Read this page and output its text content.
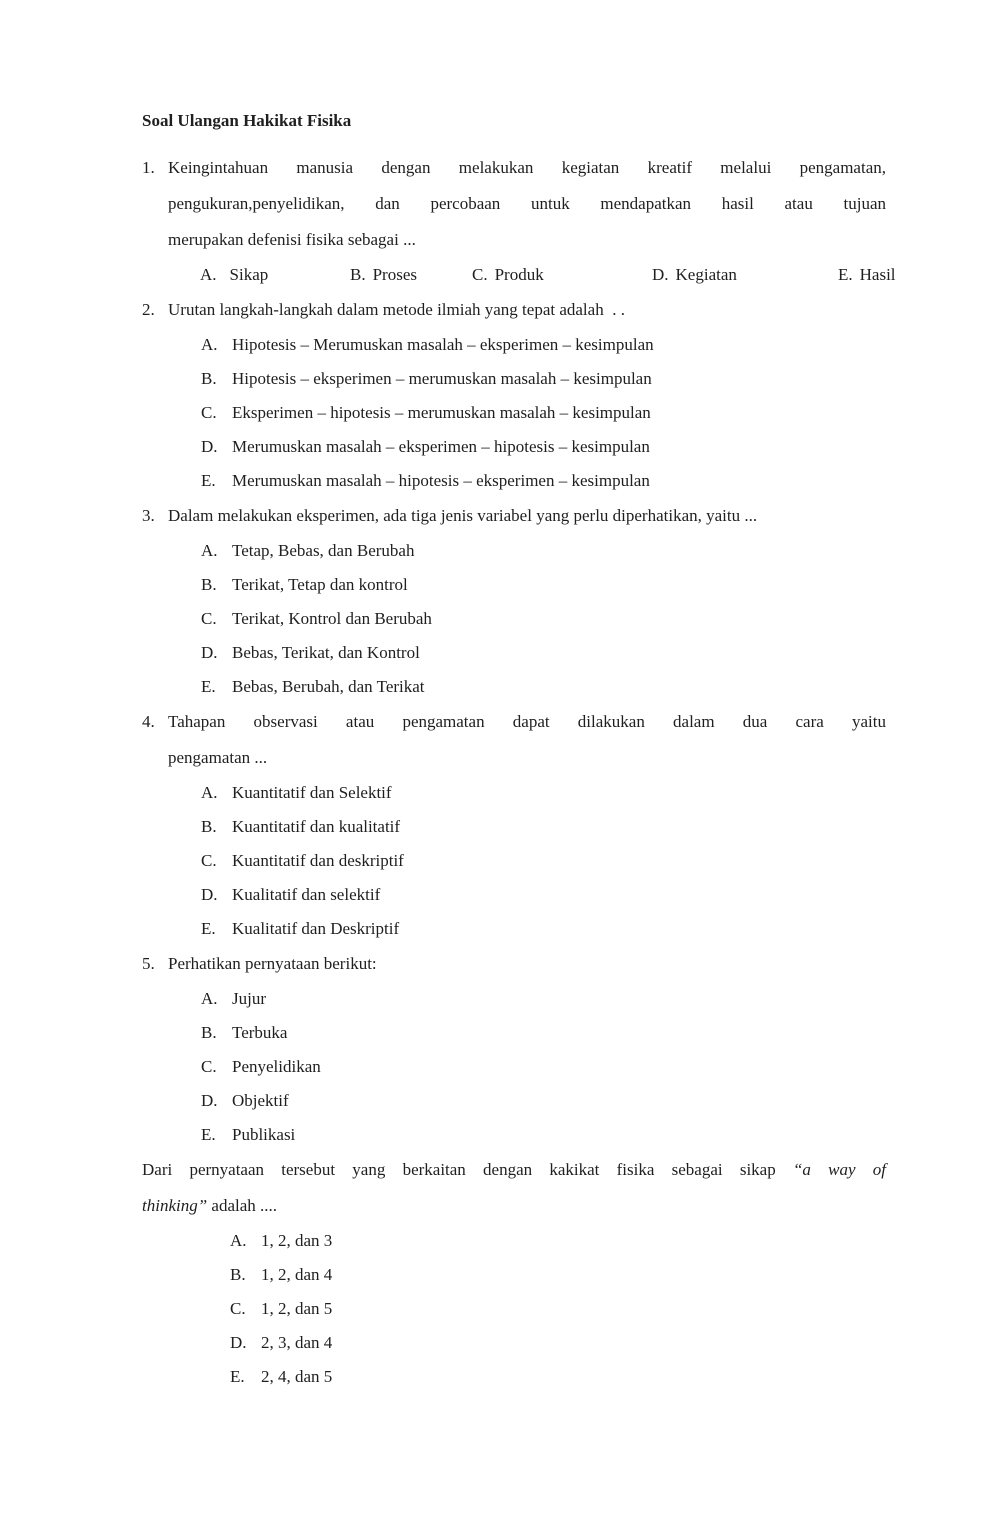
Soal Ulangan Hakikat Fisika
1. Keingintahuan manusia dengan melakukan kegiatan kreatif melalui pengamatan,
pengukuran,penyelidikan, dan percobaan untuk mendapatkan hasil atau tujuan
merupakan defenisi fisika sebagai ...
A. Sikap	B. Proses	C. Produk	D. Kegiatan	E. Hasil
2. Urutan langkah-langkah dalam metode ilmiah yang tepat adalah  . .
A. Hipotesis – Merumuskan masalah – eksperimen – kesimpulan
B. Hipotesis – eksperimen – merumuskan masalah – kesimpulan
C. Eksperimen – hipotesis – merumuskan masalah – kesimpulan
D. Merumuskan masalah – eksperimen – hipotesis – kesimpulan
E. Merumuskan masalah – hipotesis – eksperimen – kesimpulan
3. Dalam melakukan eksperimen, ada tiga jenis variabel yang perlu diperhatikan, yaitu ...
A. Tetap, Bebas, dan Berubah
B. Terikat, Tetap dan kontrol
C. Terikat, Kontrol dan Berubah
D. Bebas, Terikat, dan Kontrol
E. Bebas, Berubah, dan Terikat
4. Tahapan observasi atau pengamatan dapat dilakukan dalam dua cara yaitu
pengamatan ...
A. Kuantitatif dan Selektif
B. Kuantitatif dan kualitatif
C. Kuantitatif dan deskriptif
D. Kualitatif dan selektif
E. Kualitatif dan Deskriptif
5. Perhatikan pernyataan berikut:
A. Jujur
B. Terbuka
C. Penyelidikan
D. Objektif
E. Publikasi
Dari pernyataan tersebut yang berkaitan dengan kakikat fisika sebagai sikap “a way of
thinking” adalah ....
A. 1, 2, dan 3
B. 1, 2, dan 4
C. 1, 2, dan 5
D. 2, 3, dan 4
E. 2, 4, dan 5
